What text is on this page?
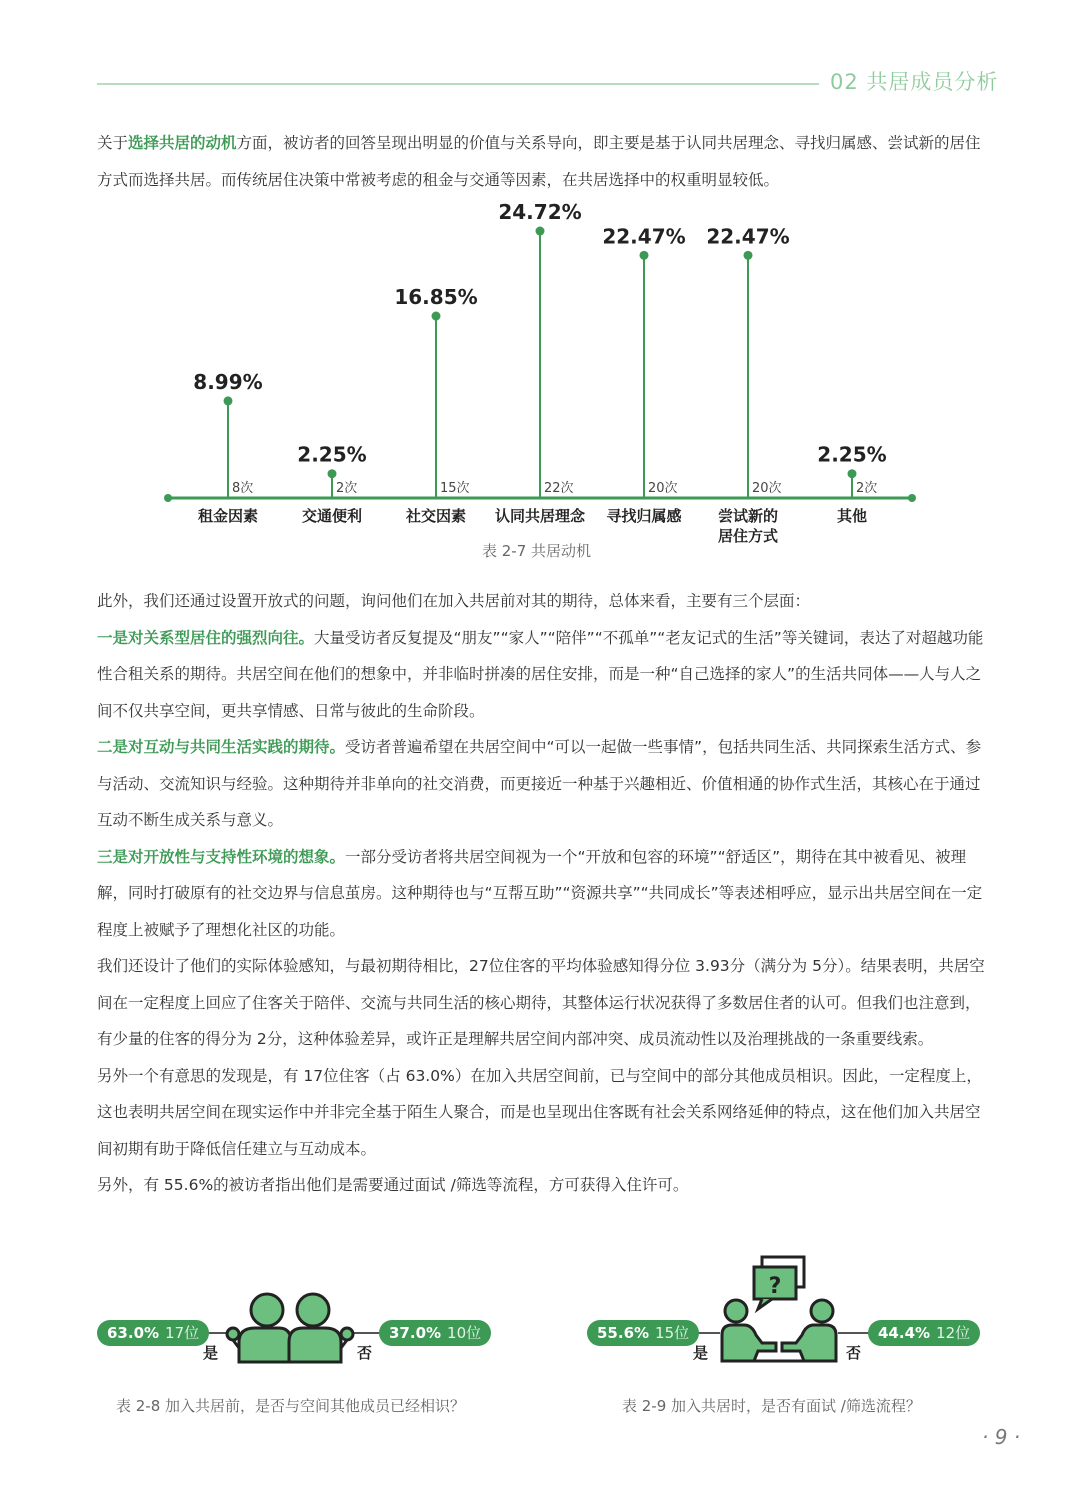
02 共居成员分析
关于选择共居的动机方面，被访者的回答呈现出明显的价值与关系导向，即主要是基于认同共居理念、寻找归属感、尝试新的居住方式而选择共居。而传统居住决策中常被考虑的租金与交通等因素，在共居选择中的权重明显较低。
8.99%
8次
租金因素
2.25%
2次
交通便利
16.85%
15次
社交因素
24.72%
22次
认同共居理念
22.47%
20次
寻找归属感
22.47%
20次
尝试新的
居住方式
2.25%
2次
其他
表 2-7 共居动机
此外，我们还通过设置开放式的问题，询问他们在加入共居前对其的期待，总体来看，主要有三个层面：
一是对关系型居住的强烈向往。大量受访者反复提及“朋友”“家人”“陪伴”“不孤单”“老友记式的生活”等关键词，表达了对超越功能性合租关系的期待。共居空间在他们的想象中，并非临时拼凑的居住安排，而是一种“自己选择的家人”的生活共同体——人与人之间不仅共享空间，更共享情感、日常与彼此的生命阶段。
二是对互动与共同生活实践的期待。受访者普遍希望在共居空间中“可以一起做一些事情”，包括共同生活、共同探索生活方式、参与活动、交流知识与经验。这种期待并非单向的社交消费，而更接近一种基于兴趣相近、价值相通的协作式生活，其核心在于通过互动不断生成关系与意义。
三是对开放性与支持性环境的想象。一部分受访者将共居空间视为一个“开放和包容的环境”“舒适区”，期待在其中被看见、被理解，同时打破原有的社交边界与信息茧房。这种期待也与“互帮互助”“资源共享”“共同成长”等表述相呼应，显示出共居空间在一定程度上被赋予了理想化社区的功能。
我们还设计了他们的实际体验感知，与最初期待相比，27位住客的平均体验感知得分位 3.93分（满分为 5分）。结果表明，共居空间在一定程度上回应了住客关于陪伴、交流与共同生活的核心期待，其整体运行状况获得了多数居住者的认可。但我们也注意到，有少量的住客的得分为 2分，这种体验差异，或许正是理解共居空间内部冲突、成员流动性以及治理挑战的一条重要线索。
另外一个有意思的发现是，有 17位住客（占 63.0%）在加入共居空间前，已与空间中的部分其他成员相识。因此，一定程度上，这也表明共居空间在现实运作中并非完全基于陌生人聚合，而是也呈现出住客既有社会关系网络延伸的特点，这在他们加入共居空间初期有助于降低信任建立与互动成本。
另外，有 55.6%的被访者指出他们是需要通过面试 /筛选等流程，方可获得入住许可。
63.0% 17位	37.0% 10位
是	否
表 2-8 加入共居前，是否与空间其他成员已经相识？
55.6% 15位	44.4% 12位
?
是	否
表 2-9 加入共居时，是否有面试 /筛选流程？
· 9 ·
